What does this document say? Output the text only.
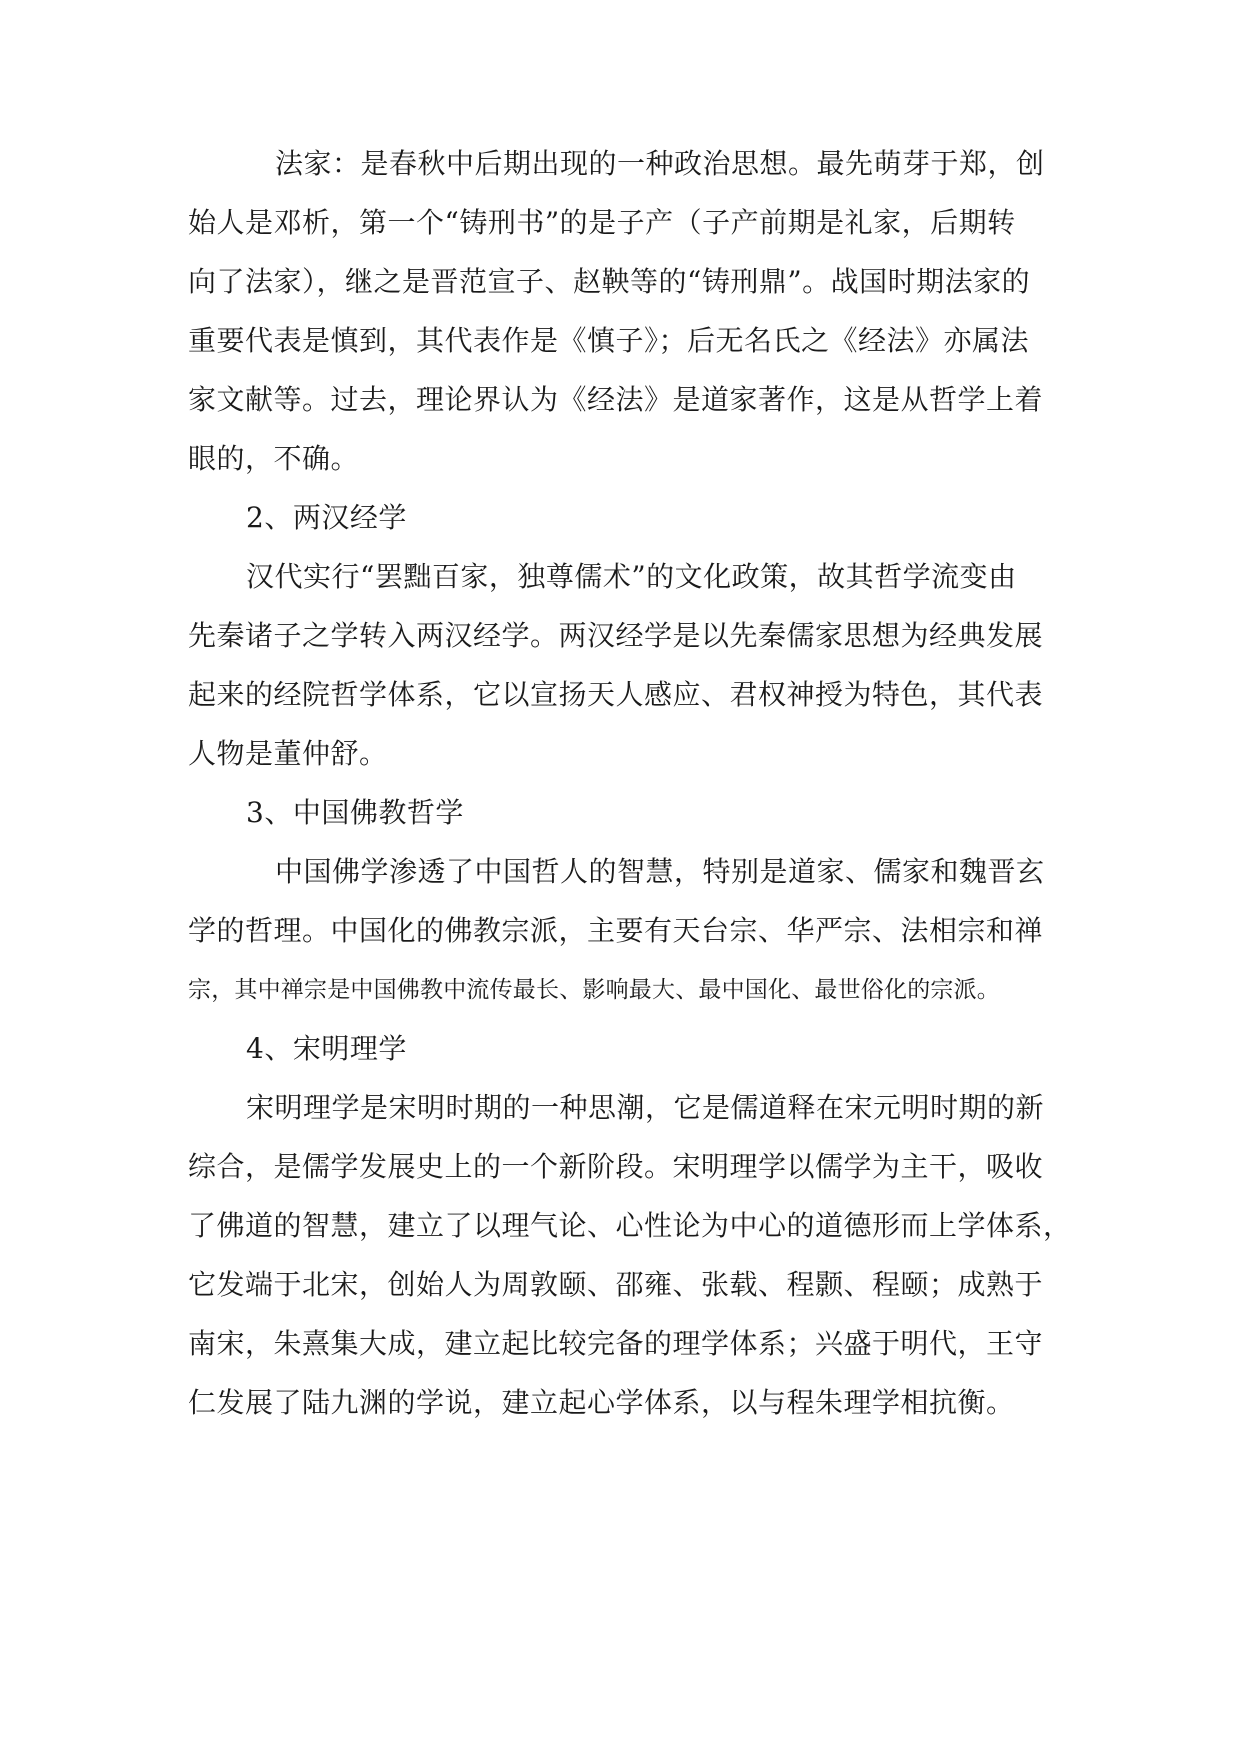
法家：是春秋中后期出现的一种政治思想。最先萌芽于郑，创
始人是邓析，第一个“铸刑书”的是子产（子产前期是礼家，后期转
向了法家），继之是晋范宣子、赵鞅等的“铸刑鼎”。战国时期法家的
重要代表是慎到，其代表作是《慎子》；后无名氏之《经法》亦属法
家文献等。过去，理论界认为《经法》是道家著作，这是从哲学上着
眼的，不确。
2、两汉经学
汉代实行“罢黜百家，独尊儒术”的文化政策，故其哲学流变由
先秦诸子之学转入两汉经学。两汉经学是以先秦儒家思想为经典发展
起来的经院哲学体系，它以宣扬天人感应、君权神授为特色，其代表
人物是董仲舒。
3、中国佛教哲学
中国佛学渗透了中国哲人的智慧，特别是道家、儒家和魏晋玄
学的哲理。中国化的佛教宗派，主要有天台宗、华严宗、法相宗和禅
宗，其中禅宗是中国佛教中流传最长、影响最大、最中国化、最世俗化的宗派。
4、宋明理学
宋明理学是宋明时期的一种思潮，它是儒道释在宋元明时期的新
综合，是儒学发展史上的一个新阶段。宋明理学以儒学为主干，吸收
了佛道的智慧，建立了以理气论、心性论为中心的道德形而上学体系，
它发端于北宋，创始人为周敦颐、邵雍、张载、程颢、程颐；成熟于
南宋，朱熹集大成，建立起比较完备的理学体系；兴盛于明代，王守
仁发展了陆九渊的学说，建立起心学体系，以与程朱理学相抗衡。
